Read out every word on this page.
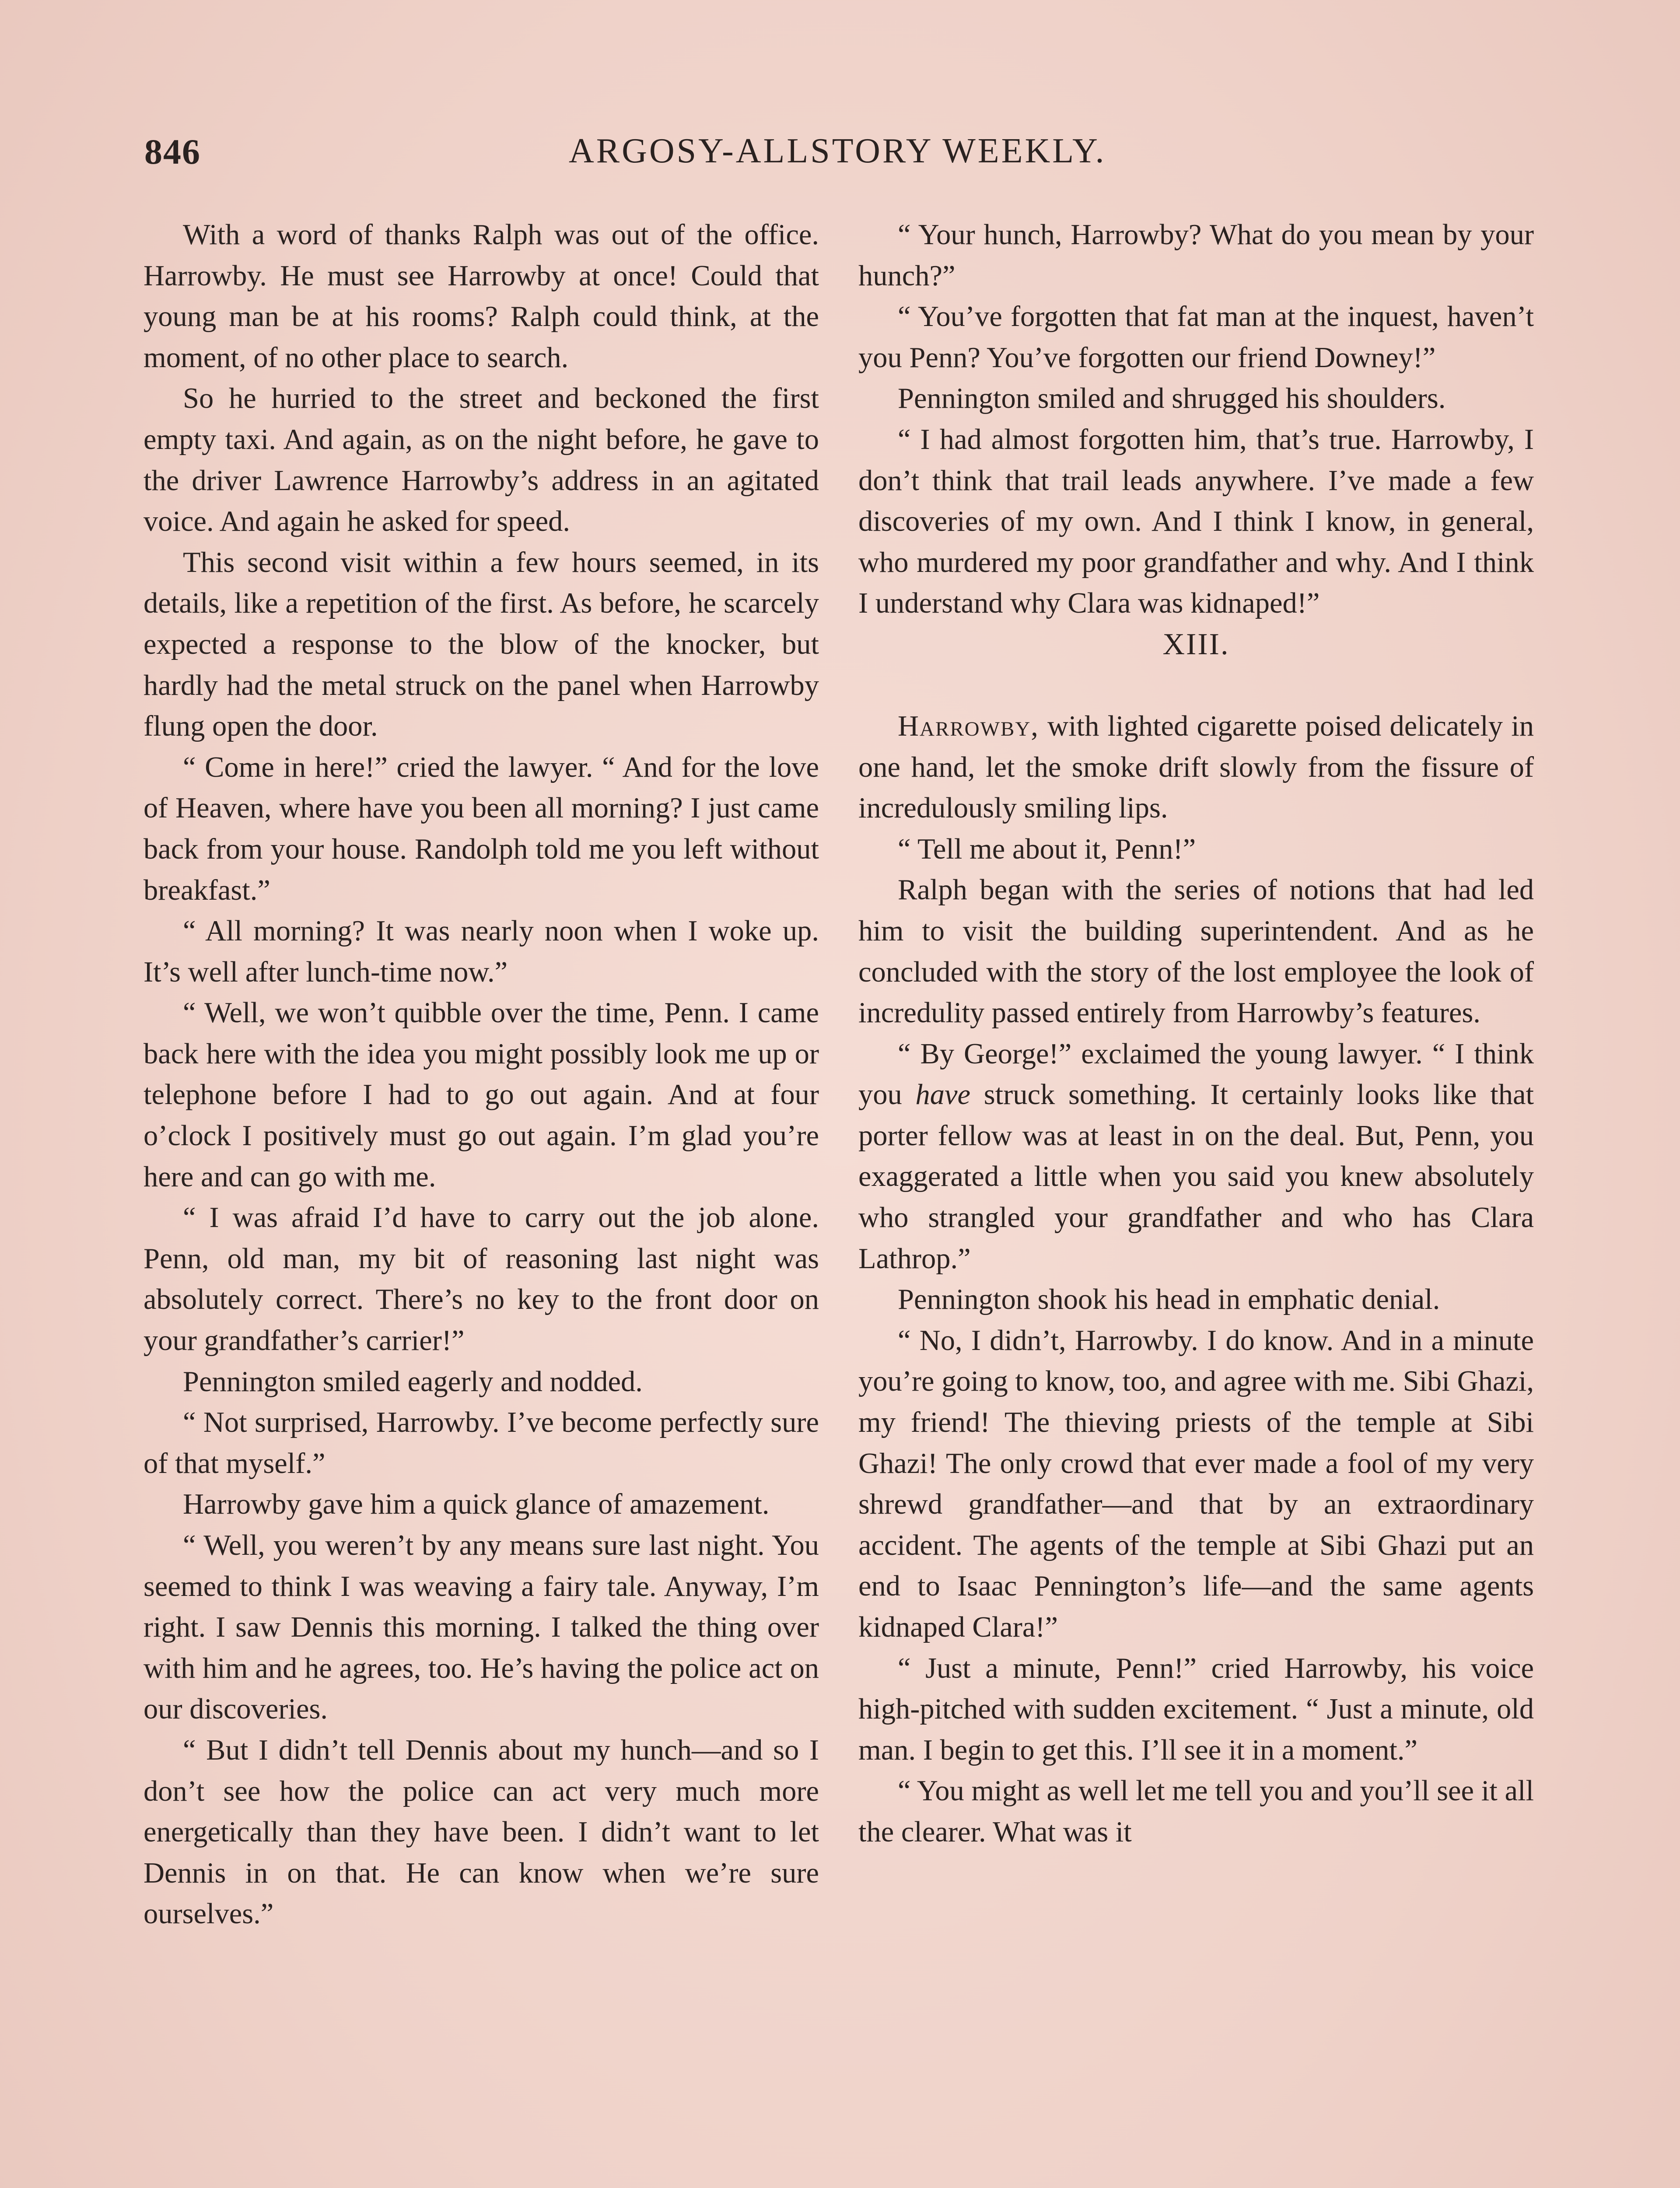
846	ARGOSY-ALLSTORY WEEKLY.

With a word of thanks Ralph was out of the office. Harrowby. He must see Harrowby at once! Could that young man be at his rooms? Ralph could think, at the moment, of no other place to search.

So he hurried to the street and beckoned the first empty taxi. And again, as on the night before, he gave to the driver Lawrence Harrowby’s address in an agitated voice. And again he asked for speed.

This second visit within a few hours seemed, in its details, like a repetition of the first. As before, he scarcely expected a response to the blow of the knocker, but hardly had the metal struck on the panel when Harrowby flung open the door.

“ Come in here!” cried the lawyer. “ And for the love of Heaven, where have you been all morning? I just came back from your house. Randolph told me you left without breakfast.”

“ All morning? It was nearly noon when I woke up. It’s well after lunch-time now.”

“ Well, we won’t quibble over the time, Penn. I came back here with the idea you might possibly look me up or telephone before I had to go out again. And at four o’clock I positively must go out again. I’m glad you’re here and can go with me.

“ I was afraid I’d have to carry out the job alone. Penn, old man, my bit of reasoning last night was absolutely correct. There’s no key to the front door on your grandfather’s carrier!”

Pennington smiled eagerly and nodded.

“ Not surprised, Harrowby. I’ve become perfectly sure of that myself.”

Harrowby gave him a quick glance of amazement.

“ Well, you weren’t by any means sure last night. You seemed to think I was weaving a fairy tale. Anyway, I’m right. I saw Dennis this morning. I talked the thing over with him and he agrees, too. He’s having the police act on our discoveries.

“ But I didn’t tell Dennis about my hunch—and so I don’t see how the police can act very much more energetically than they have been. I didn’t want to let Dennis in on that. He can know when we’re sure ourselves.”

“ Your hunch, Harrowby? What do you mean by your hunch?”

“ You’ve forgotten that fat man at the inquest, haven’t you Penn? You’ve forgotten our friend Downey!”

Pennington smiled and shrugged his shoulders.

“ I had almost forgotten him, that’s true. Harrowby, I don’t think that trail leads anywhere. I’ve made a few discoveries of my own. And I think I know, in general, who murdered my poor grandfather and why. And I think I understand why Clara was kidnaped!”

XIII.

Harrowby, with lighted cigarette poised delicately in one hand, let the smoke drift slowly from the fissure of incredulously smiling lips.

“ Tell me about it, Penn!”

Ralph began with the series of notions that had led him to visit the building superintendent. And as he concluded with the story of the lost employee the look of incredulity passed entirely from Harrowby’s features.

“ By George!” exclaimed the young lawyer. “ I think you have struck something. It certainly looks like that porter fellow was at least in on the deal. But, Penn, you exaggerated a little when you said you knew absolutely who strangled your grandfather and who has Clara Lathrop.”

Pennington shook his head in emphatic denial.

“ No, I didn’t, Harrowby. I do know. And in a minute you’re going to know, too, and agree with me. Sibi Ghazi, my friend! The thieving priests of the temple at Sibi Ghazi! The only crowd that ever made a fool of my very shrewd grandfather—and that by an extraordinary accident. The agents of the temple at Sibi Ghazi put an end to Isaac Pennington’s life—and the same agents kidnaped Clara!”

“ Just a minute, Penn!” cried Harrowby, his voice high-pitched with sudden excitement. “ Just a minute, old man. I begin to get this. I’ll see it in a moment.”

“ You might as well let me tell you and you’ll see it all the clearer. What was it
